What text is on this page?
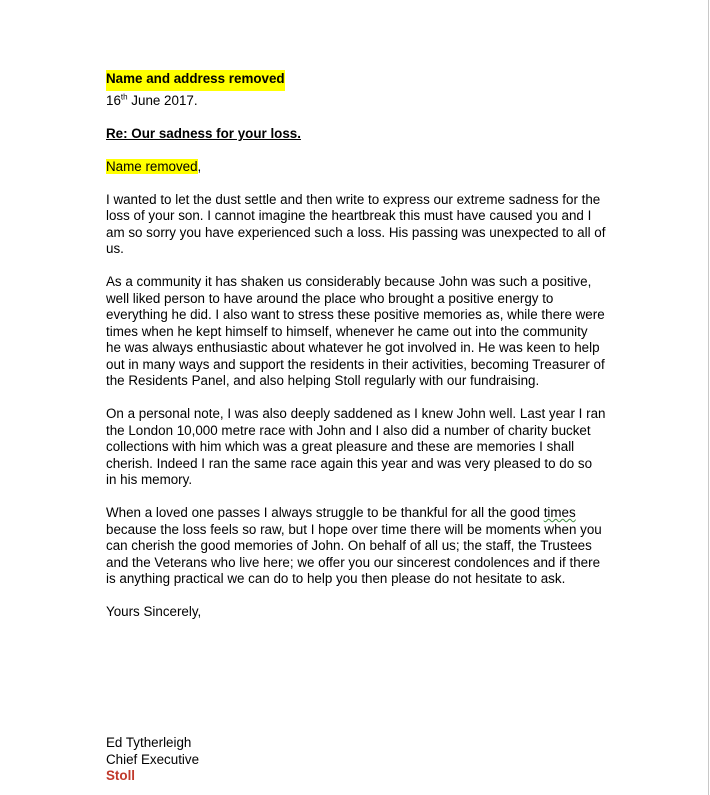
Name and address removed

16th June 2017.

Re: Our sadness for your loss.

Name removed,

I wanted to let the dust settle and then write to express our extreme sadness for the loss of your son. I cannot imagine the heartbreak this must have caused you and I am so sorry you have experienced such a loss. His passing was unexpected to all of us.

As a community it has shaken us considerably because John was such a positive, well liked person to have around the place who brought a positive energy to everything he did. I also want to stress these positive memories as, while there were times when he kept himself to himself, whenever he came out into the community he was always enthusiastic about whatever he got involved in. He was keen to help out in many ways and support the residents in their activities, becoming Treasurer of the Residents Panel, and also helping Stoll regularly with our fundraising.

On a personal note, I was also deeply saddened as I knew John well. Last year I ran the London 10,000 metre race with John and I also did a number of charity bucket collections with him which was a great pleasure and these are memories I shall cherish. Indeed I ran the same race again this year and was very pleased to do so in his memory.

When a loved one passes I always struggle to be thankful for all the good times because the loss feels so raw, but I hope over time there will be moments when you can cherish the good memories of John. On behalf of all us; the staff, the Trustees and the Veterans who live here; we offer you our sincerest condolences and if there is anything practical we can do to help you then please do not hesitate to ask.

Yours Sincerely,

Ed Tytherleigh
Chief Executive
Stoll
